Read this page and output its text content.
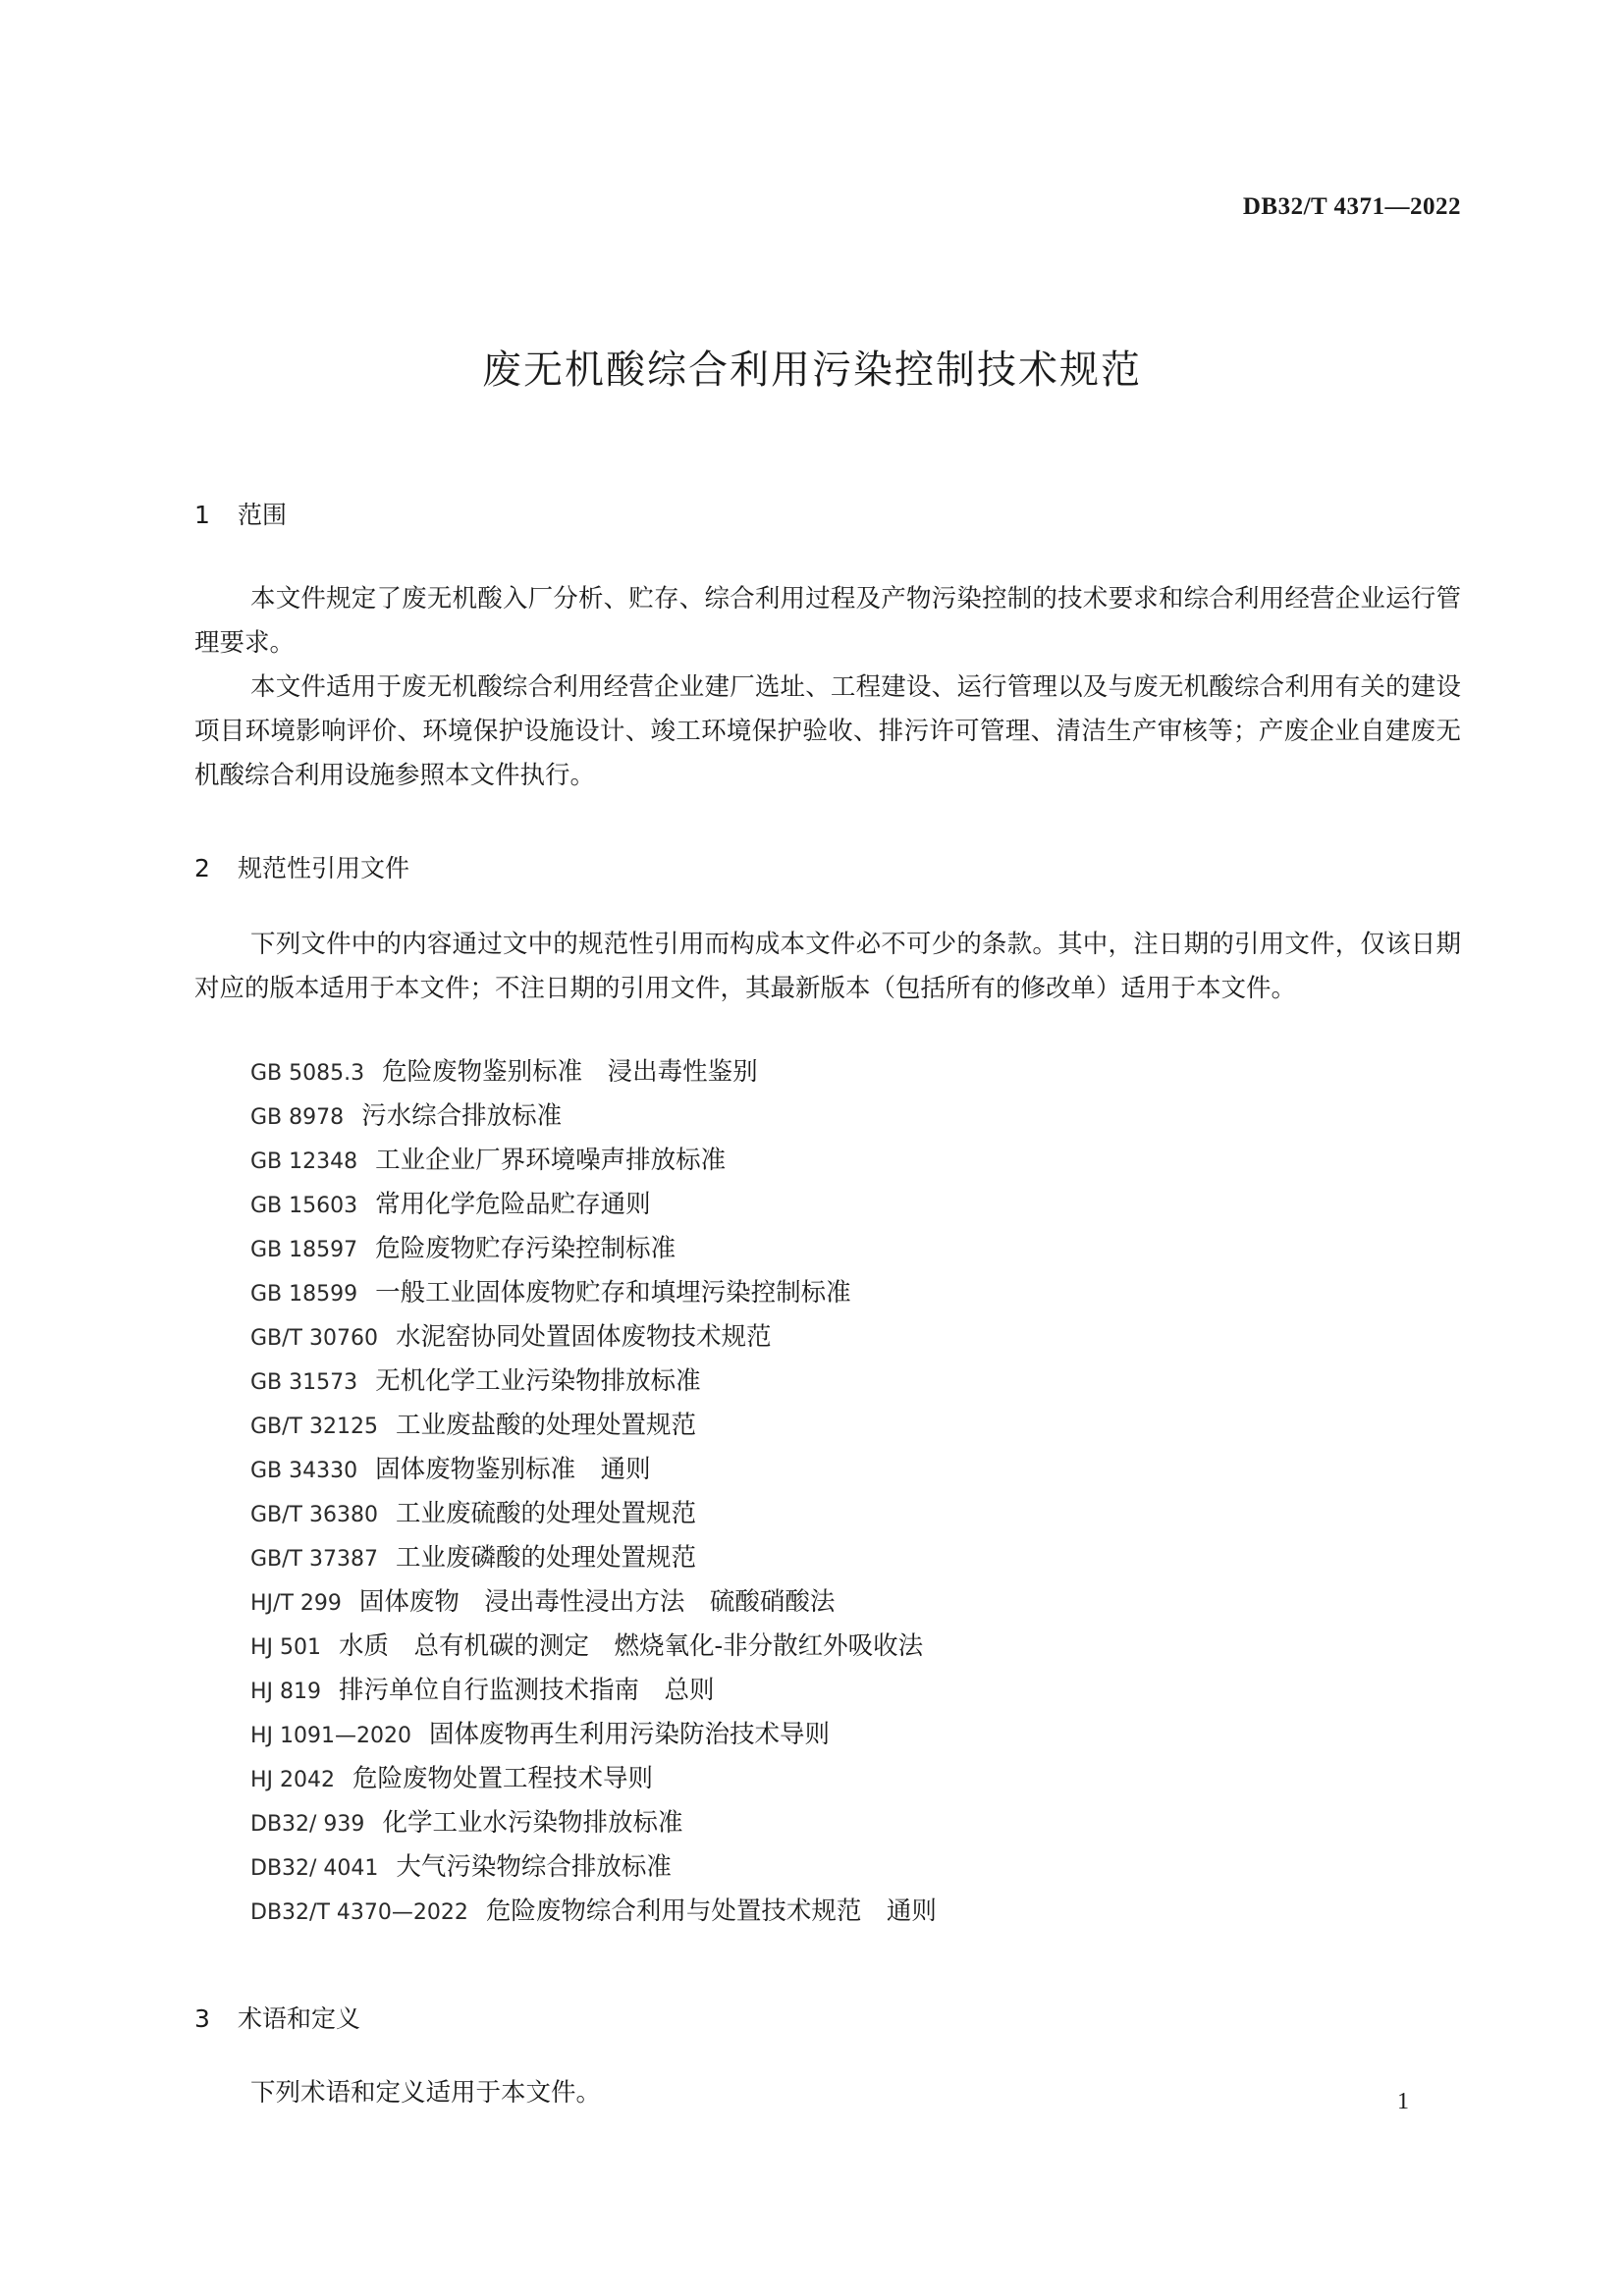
DB32/T 4371—2022
废无机酸综合利用污染控制技术规范
1 范围

本文件规定了废无机酸入厂分析、贮存、综合利用过程及产物污染控制的技术要求和综合利用经营企业运行管理要求。

本文件适用于废无机酸综合利用经营企业建厂选址、工程建设、运行管理以及与废无机酸综合利用有关的建设项目环境影响评价、环境保护设施设计、竣工环境保护验收、排污许可管理、清洁生产审核等；产废企业自建废无机酸综合利用设施参照本文件执行。

2 规范性引用文件

下列文件中的内容通过文中的规范性引用而构成本文件必不可少的条款。其中，注日期的引用文件，仅该日期对应的版本适用于本文件；不注日期的引用文件，其最新版本（包括所有的修改单）适用于本文件。

GB 5085.3 危险废物鉴别标准　浸出毒性鉴别
GB 8978 污水综合排放标准
GB 12348 工业企业厂界环境噪声排放标准
GB 15603 常用化学危险品贮存通则
GB 18597 危险废物贮存污染控制标准
GB 18599 一般工业固体废物贮存和填埋污染控制标准
GB/T 30760 水泥窑协同处置固体废物技术规范
GB 31573 无机化学工业污染物排放标准
GB/T 32125 工业废盐酸的处理处置规范
GB 34330 固体废物鉴别标准　通则
GB/T 36380 工业废硫酸的处理处置规范
GB/T 37387 工业废磷酸的处理处置规范
HJ/T 299 固体废物　浸出毒性浸出方法　硫酸硝酸法
HJ 501 水质　总有机碳的测定　燃烧氧化-非分散红外吸收法
HJ 819 排污单位自行监测技术指南　总则
HJ 1091—2020 固体废物再生利用污染防治技术导则
HJ 2042 危险废物处置工程技术导则
DB32/ 939 化学工业水污染物排放标准
DB32/ 4041 大气污染物综合排放标准
DB32/T 4370—2022 危险废物综合利用与处置技术规范　通则
3 术语和定义

下列术语和定义适用于本文件。	1
